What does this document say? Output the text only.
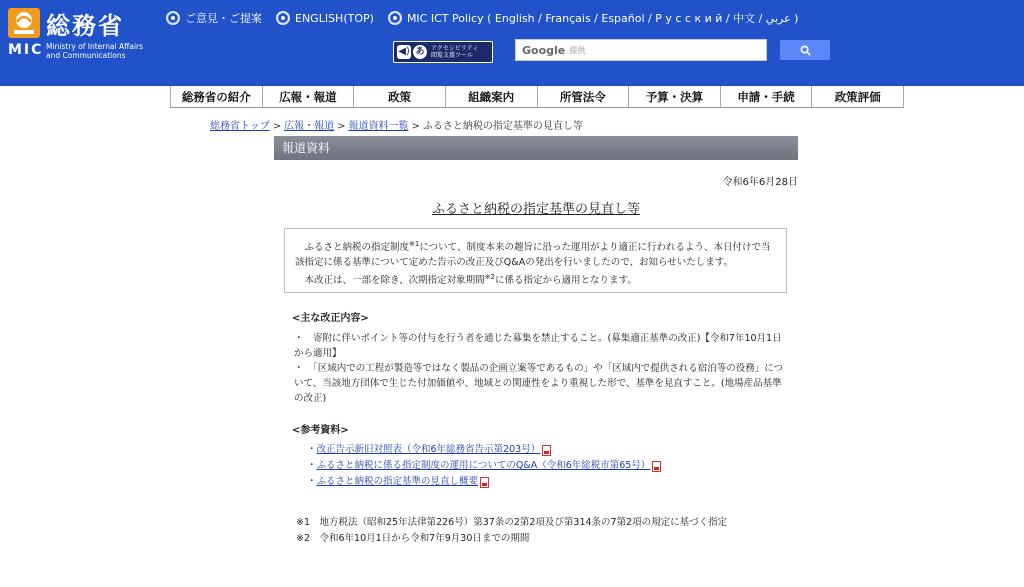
総務省
MIC Ministry of Internal Affairs
and Communications
ご意見・ご提案	ENGLISH(TOP)	MIC ICT Policy ( English / Français / Español / Р у с с к и й / 中文 / عربي )
◀) あ	アクセシビリティ
閲覧支援ツール	Google 提供
総務省の紹介	広報・報道	政策	組織案内	所管法令	予算・決算	申請・手続	政策評価
総務省トップ > 広報・報道 > 報道資料一覧 > ふるさと納税の指定基準の見直し等
報道資料
令和6年6月28日
ふるさと納税の指定基準の見直し等

ふるさと納税の指定制度$^{※1}$について、制度本来の趣旨に沿った運用がより適正に行われるよう、本日付けで当該指定に係る基準について定めた告示の改正及びQ&Aの発出を行いましたので、お知らせいたします。

本改正は、一部を除き、次期指定対象期間$^{※2}$に係る指定から適用となります。

<主な改正内容>

・　寄附に伴いポイント等の付与を行う者を通じた募集を禁止すること。(募集適正基準の改正)【令和7年10月1日から適用】

・　「区域内での工程が製造等ではなく製品の企画立案等であるもの」や「区域内で提供される宿泊等の役務」について、当該地方団体で生じた付加価値や、地域との関連性をより重視した形で、基準を見直すこと。(地場産品基準の改正)

<参考資料>
・ 改正告示新旧対照表（令和6年総務省告示第203号）
・ ふるさと納税に係る指定制度の運用についてのQ&A（令和6年総税市第65号）
・ ふるさと納税の指定基準の見直し概要
※1　地方税法（昭和25年法律第226号）第37条の2第2項及び第314条の7第2項の規定に基づく指定
※2　令和6年10月1日から令和7年9月30日までの期間
